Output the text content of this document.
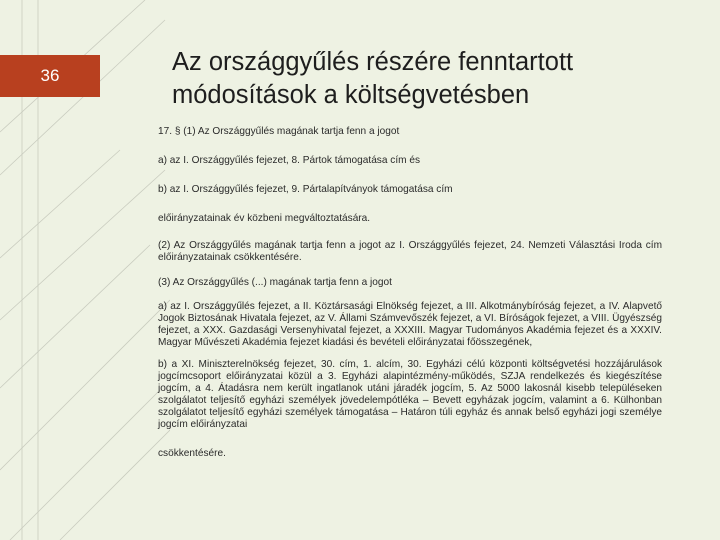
36	Az országgyűlés részére fenntartott
módosítások a költségvetésben

17. § (1) Az Országgyűlés magának tartja fenn a jogot

a) az I. Országgyűlés fejezet, 8. Pártok támogatása cím és

b) az I. Országgyűlés fejezet, 9. Pártalapítványok támogatása cím

előirányzatainak év közbeni megváltoztatására.

(2) Az Országgyűlés magának tartja fenn a jogot az I. Országgyűlés fejezet, 24. Nemzeti Választási Iroda cím előirányzatainak csökkentésére.

(3) Az Országgyűlés (...) magának tartja fenn a jogot

a) az I. Országgyűlés fejezet, a II. Köztársasági Elnökség fejezet, a III. Alkotmánybíróság fejezet, a IV. Alapvető Jogok Biztosának Hivatala fejezet, az V. Állami Számvevőszék fejezet, a VI. Bíróságok fejezet, a VIII. Ügyészség fejezet, a XXX. Gazdasági Versenyhivatal fejezet, a XXXIII. Magyar Tudományos Akadémia fejezet és a XXXIV. Magyar Művészeti Akadémia fejezet kiadási és bevételi előirányzatai főösszegének,

b) a XI. Miniszterelnökség fejezet, 30. cím, 1. alcím, 30. Egyházi célú központi költségvetési hozzájárulások jogcímcsoport előirányzatai közül a 3. Egyházi alapintézmény-működés, SZJA rendelkezés és kiegészítése jogcím, a 4. Átadásra nem került ingatlanok utáni járadék jogcím, 5. Az 5000 lakosnál kisebb településeken szolgálatot teljesítő egyházi személyek jövedelempótléka – Bevett egyházak jogcím, valamint a 6. Külhonban szolgálatot teljesítő egyházi személyek támogatása – Határon túli egyház és annak belső egyházi jogi személye jogcím előirányzatai

csökkentésére.
